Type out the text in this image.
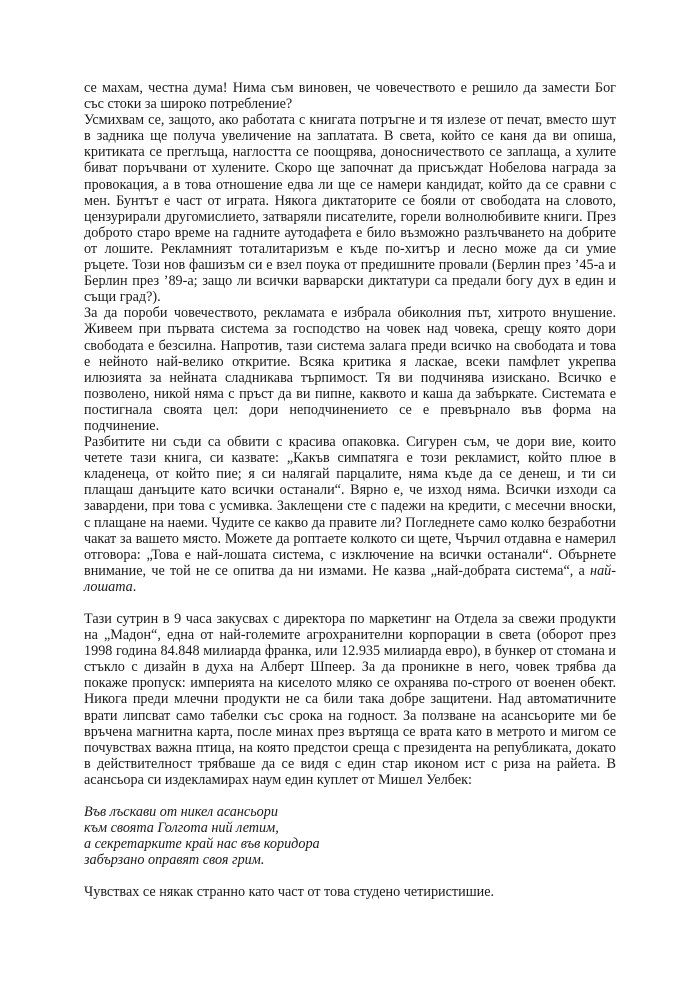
се махам, честна дума! Нима съм виновен, че човечеството е решило да замести Бог със стоки за широко потребление?

Усмихвам се, защото, ако работата с книгата потръгне и тя излезе от печат, вместо шут в задника ще получа увеличение на заплатата. В света, който се каня да ви опиша, критиката се преглъща, наглостта се поощрява, доносничеството се заплаща, а хулите биват поръчвани от хулените. Скоро ще започнат да присъждат Нобелова награда за провокация, а в това отношение едва ли ще се намери кандидат, който да се сравни с мен. Бунтът е част от играта. Някога диктаторите се бояли от свободата на словото, цензурирали другомислието, затваряли писателите, горели волнолюбивите книги. През доброто старо време на гадните аутодафета е било възможно разлъчването на добрите от лошите. Рекламният тоталитаризъм е къде по-хитър и лесно може да си умие ръцете. Този нов фашизъм си е взел поука от предишните провали (Берлин през ’45-а и Берлин през ’89-а; защо ли всички варварски диктатури са предали богу дух в един и същи град?).

За да пороби човечеството, рекламата е избрала обиколния път, хитрото внушение. Живеем при първата система за господство на човек над човека, срещу която дори свободата е безсилна. Напротив, тази система залага преди всичко на свободата и това е нейното най-велико откритие. Всяка критика я ласкае, всеки памфлет укрепва илюзията за нейната сладникава търпимост. Тя ви подчинява изискано. Всичко е позволено, никой няма с пръст да ви пипне, каквото и каша да забъркате. Системата е постигнала своята цел: дори неподчинението се е превърнало във форма на подчинение.

Разбитите ни съди са обвити с красива опаковка. Сигурен съм, че дори вие, които четете тази книга, си казвате: „Какъв симпатяга е този рекламист, който плюе в кладенеца, от който пие; я си налягай парцалите, няма къде да се денеш, и ти си плащаш данъците като всички останали“. Вярно е, че изход няма. Всички изходи са завардени, при това с усмивка. Заклещени сте с падежи на кредити, с месечни вноски, с плащане на наеми. Чудите се какво да правите ли? Погледнете само колко безработни чакат за вашето място. Можете да роптаете колкото си щете, Чърчил отдавна е намерил отговора: „Това е най-лошата система, с изключение на всички останали“. Обърнете внимание, че той не се опитва да ни измами. Не казва „най-добрата система“, а най-лошата.

Тази сутрин в 9 часа закусвах с директора по маркетинг на Отдела за свежи продукти на „Мадон“, една от най-големите агрохранителни корпорации в света (оборот през 1998 година 84.848 милиарда франка, или 12.935 милиарда евро), в бункер от стомана и стъкло с дизайн в духа на Алберт Шпеер. За да проникне в него, човек трябва да покаже пропуск: империята на киселото мляко се охранява по-строго от военен обект. Никога преди млечни продукти не са били така добре защитени. Над автоматичните врати липсват само табелки със срока на годност. За ползване на асансьорите ми бе връчена магнитна карта, после минах през въртяща се врата като в метрото и мигом се почувствах важна птица, на която предстои среща с президента на републиката, докато в действителност трябваше да се видя с един стар иконом ист с риза на райета. В асансьора си издекламирах наум един куплет от Мишел Уелбек:

Във лъскави от никел асансьори
към своята Голгота ний летим,
а секретарките край нас във коридора
забързано оправят своя грим.

Чувствах се някак странно като част от това студено четиристишие.
